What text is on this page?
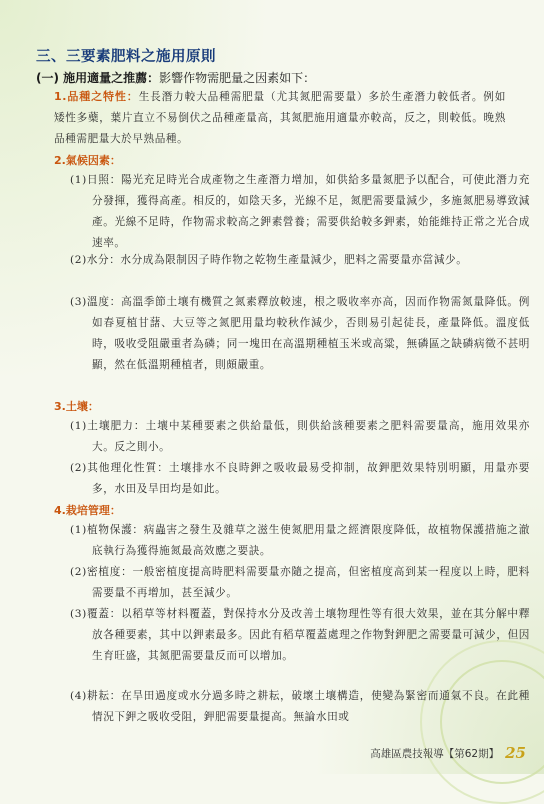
三、三要素肥料之施用原則
(一) 施用適量之推薦：影響作物需肥量之因素如下：
1.品種之特性：生長潛力較大品種需肥量（尤其氮肥需要量）多於生產潛力較低者。例如矮性多蘗，葉片直立不易倒伏之品種產量高，其氮肥施用適量亦較高，反之，則較低。晚熟品種需肥量大於早熟品種。
2.氣候因素：
(1)日照：陽光充足時光合成產物之生產潛力增加，如供給多量氮肥予以配合，可使此潛力充分發揮，獲得高產。相反的，如陰天多，光線不足，氮肥需要量減少，多施氮肥易導致減產。光線不足時，作物需求較高之鉀素營養；需要供給較多鉀素，始能維持正常之光合成速率。
(2)水分：水分成為限制因子時作物之乾物生產量減少，肥料之需要量亦當減少。
(3)溫度：高溫季節土壤有機質之氮素釋放較速，根之吸收率亦高，因而作物需氮量降低。例如春夏植甘藷、大豆等之氮肥用量均較秋作減少，否則易引起徒長，產量降低。溫度低時，吸收受阻嚴重者為磷；同一塊田在高溫期種植玉米或高粱，無磷區之缺磷病徵不甚明顯，然在低溫期種植者，則頗嚴重。
3.土壤：
(1)土壤肥力：土壤中某種要素之供給量低，則供給該種要素之肥料需要量高，施用效果亦大。反之則小。
(2)其他理化性質：土壤排水不良時鉀之吸收最易受抑制，故鉀肥效果特別明顯，用量亦要多，水田及旱田均是如此。
4.栽培管理：
(1)植物保護：病蟲害之發生及雜草之滋生使氮肥用量之經濟限度降低，故植物保護措施之澈底執行為獲得施氮最高效應之要訣。
(2)密植度：一般密植度提高時肥料需要量亦隨之提高，但密植度高到某一程度以上時，肥料需要量不再增加，甚至減少。
(3)覆蓋：以稻草等材料覆蓋，對保持水分及改善土壤物理性等有很大效果，並在其分解中釋放各種要素，其中以鉀素最多。因此有稻草覆蓋處理之作物對鉀肥之需要量可減少，但因生育旺盛，其氮肥需要量反而可以增加。
(4)耕耘：在旱田過度或水分過多時之耕耘，破壞土壤構造，使變為緊密而通氣不良。在此種情況下鉀之吸收受阻，鉀肥需要量提高。無論水田或
高雄區農技報導【第62期】 25
